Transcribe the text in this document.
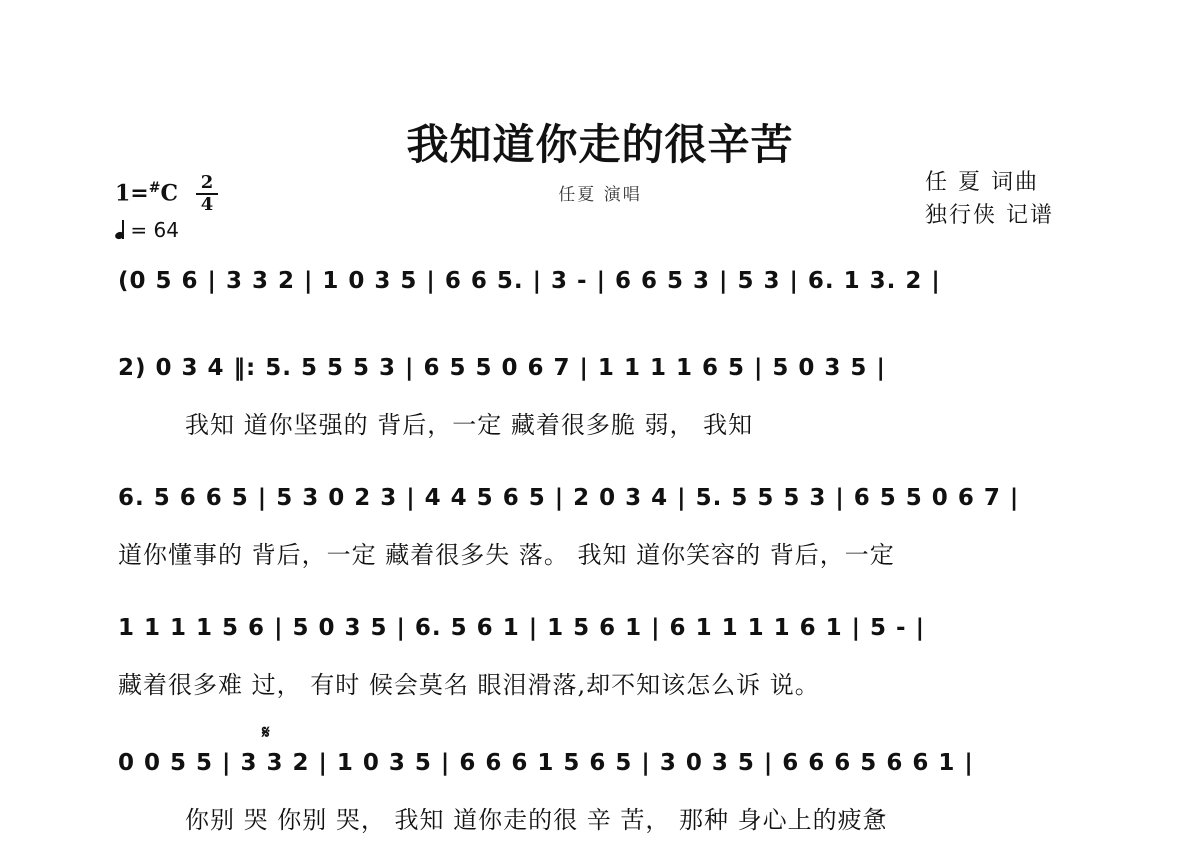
我知道你走的很辛苦
任夏 演唱	任 夏 词曲
独行侠 记谱
1=#C 2
4
= 64
(0 5 6 | 3 3 2 | 1 0 3 5 | 6 6 5. | 3 - | 6 6 5 3 | 5 3 | 6. 1 3. 2 |
2) 0 3 4 ‖: 5. 5 5 5 3 | 6 5 5 0 6 7 | 1 1 1 1 6 5 | 5 0 3 5 |
我知 道你坚强的 背后，一定 藏着很多脆 弱， 我知
6. 5 6 6 5 | 5 3 0 2 3 | 4 4 5 6 5 | 2 0 3 4 | 5. 5 5 5 3 | 6 5 5 0 6 7 |
道你懂事的 背后，一定 藏着很多失 落。 我知 道你笑容的 背后，一定
1 1 1 1 5 6 | 5 0 3 5 | 6. 5 6 1 | 1 5 6 1 | 6 1 1 1 1 6 1 | 5 - |
藏着很多难 过， 有时 候会莫名 眼泪滑落,却不知该怎么诉 说。
𝄋
0 0 5 5 | 3 3 2 | 1 0 3 5 | 6 6 6 1 5 6 5 | 3 0 3 5 | 6 6 6 5 6 6 1 |
你别 哭 你别 哭， 我知 道你走的很 辛 苦， 那种 身心上的疲惫
